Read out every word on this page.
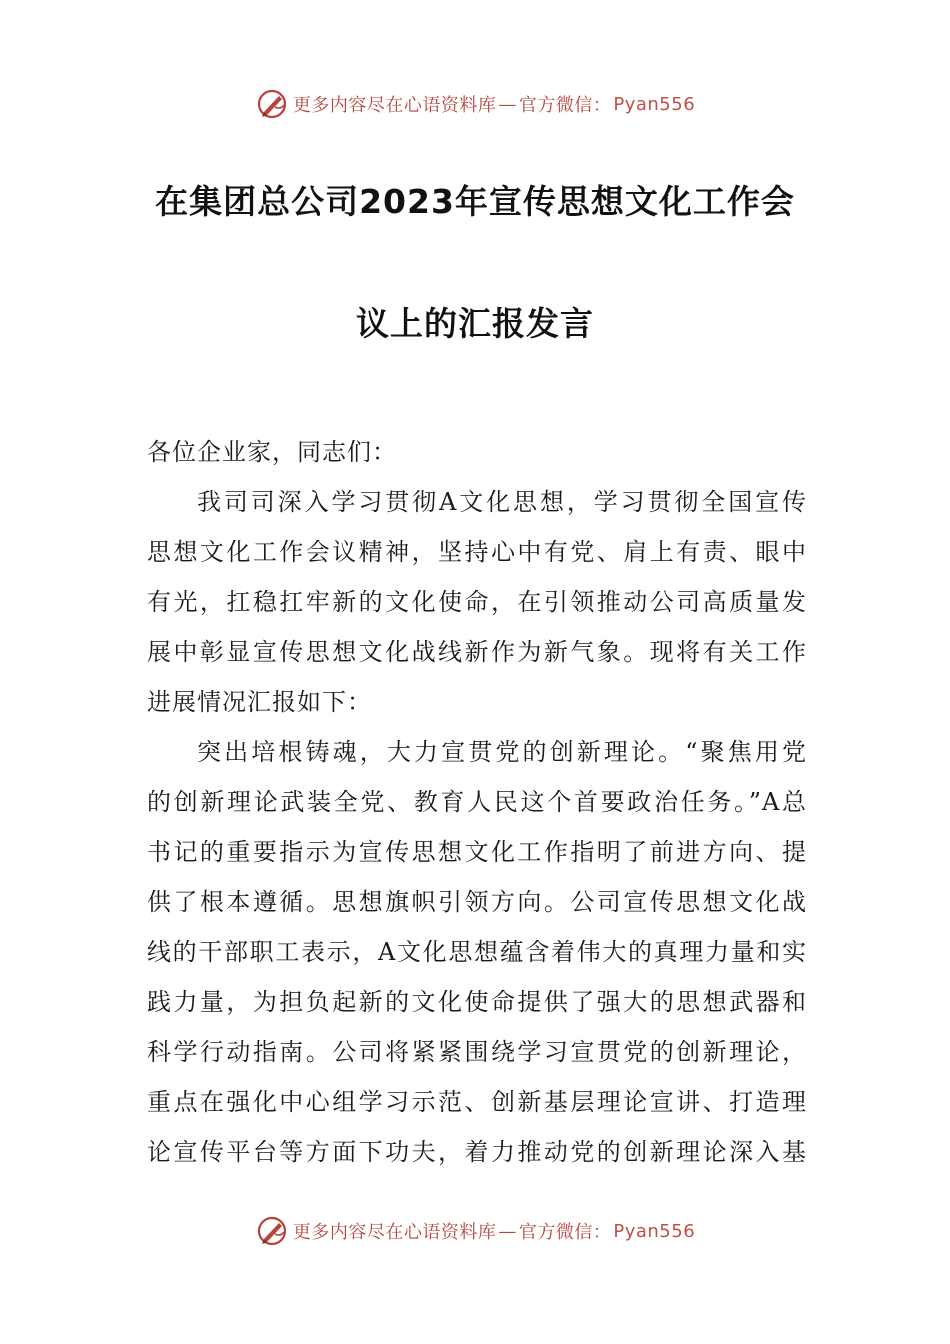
更多内容尽在心语资料库 — 官方微信： Pyan556
在集团总公司2023年宣传思想文化工作会
议上的汇报发言
各位企业家，同志们：
我司司深入学习贯彻A文化思想，学习贯彻全国宣传
思想文化工作会议精神，坚持心中有党、肩上有责、眼中
有光，扛稳扛牢新的文化使命，在引领推动公司高质量发
展中彰显宣传思想文化战线新作为新气象。现将有关工作
进展情况汇报如下：
突出培根铸魂，大力宣贯党的创新理论。“聚焦用党
的创新理论武装全党、教育人民这个首要政治任务。”A总
书记的重要指示为宣传思想文化工作指明了前进方向、提
供了根本遵循。思想旗帜引领方向。公司宣传思想文化战
线的干部职工表示，A文化思想蕴含着伟大的真理力量和实
践力量，为担负起新的文化使命提供了强大的思想武器和
科学行动指南。公司将紧紧围绕学习宣贯党的创新理论，
重点在强化中心组学习示范、创新基层理论宣讲、打造理
论宣传平台等方面下功夫，着力推动党的创新理论深入基
更多内容尽在心语资料库 — 官方微信： Pyan556
